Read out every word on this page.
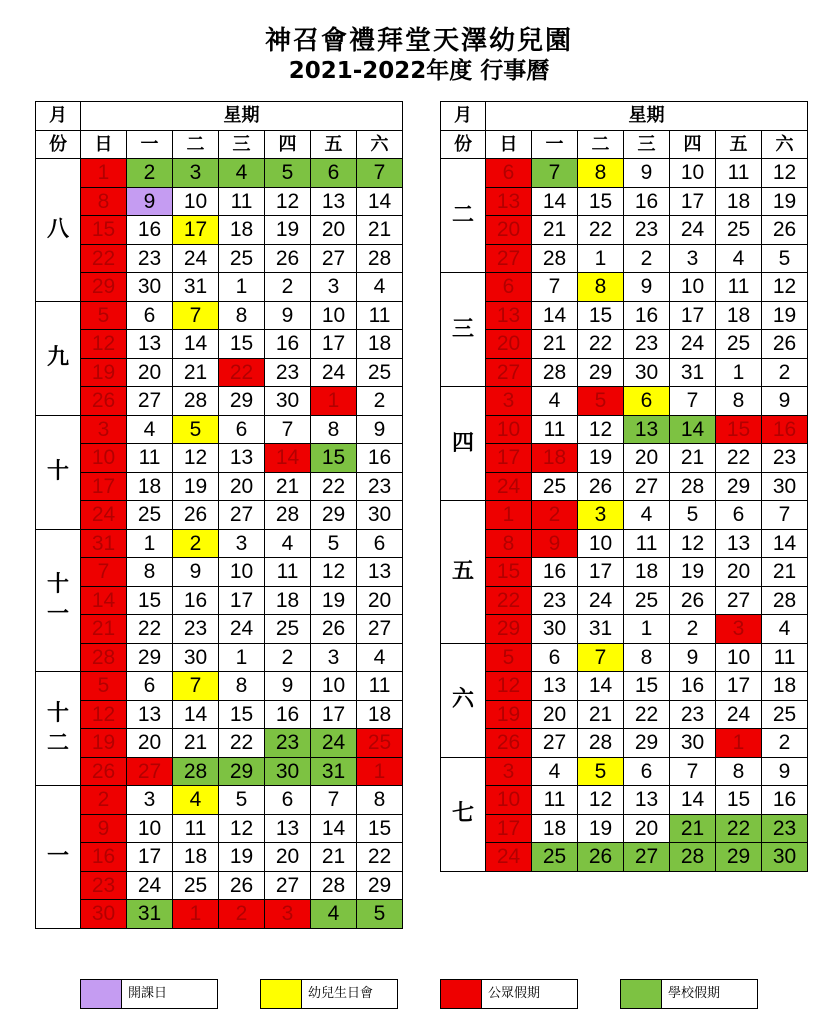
神召會禮拜堂天澤幼兒園
2021-2022年度 行事曆
月	星期						
份	日	一	二	三	四	五	六

八	1	2	3	4	5	6	7
	8	9	10	11	12	13	14
	15	16	17	18	19	20	21
	22	23	24	25	26	27	28
	29	30	31	1	2	3	4

九	5	6	7	8	9	10	11
	12	13	14	15	16	17	18
	19	20	21	22	23	24	25
	26	27	28	29	30	1	2

十	3	4	5	6	7	8	9
	10	11	12	13	14	15	16
	17	18	19	20	21	22	23
	24	25	26	27	28	29	30

十
一	31	1	2	3	4	5	6
	7	8	9	10	11	12	13
	14	15	16	17	18	19	20
	21	22	23	24	25	26	27
	28	29	30	1	2	3	4

十
二	5	6	7	8	9	10	11
	12	13	14	15	16	17	18
	19	20	21	22	23	24	25
	26	27	28	29	30	31	1

一	2	3	4	5	6	7	8
	9	10	11	12	13	14	15
	16	17	18	19	20	21	22
	23	24	25	26	27	28	29
	30	31	1	2	3	4	5
月	星期						
份	日	一	二	三	四	五	六

二	6	7	8	9	10	11	12
	13	14	15	16	17	18	19
	20	21	22	23	24	25	26
	27	28	1	2	3	4	5

三	6	7	8	9	10	11	12
	13	14	15	16	17	18	19
	20	21	22	23	24	25	26
	27	28	29	30	31	1	2

四	3	4	5	6	7	8	9
	10	11	12	13	14	15	16
	17	18	19	20	21	22	23
	24	25	26	27	28	29	30

五	1	2	3	4	5	6	7
	8	9	10	11	12	13	14
	15	16	17	18	19	20	21
	22	23	24	25	26	27	28
	29	30	31	1	2	3	4

六	5	6	7	8	9	10	11
	12	13	14	15	16	17	18
	19	20	21	22	23	24	25
	26	27	28	29	30	1	2

七	3	4	5	6	7	8	9
	10	11	12	13	14	15	16
	17	18	19	20	21	22	23
	24	25	26	27	28	29	30
開課日	幼兒生日會	公眾假期	學校假期
